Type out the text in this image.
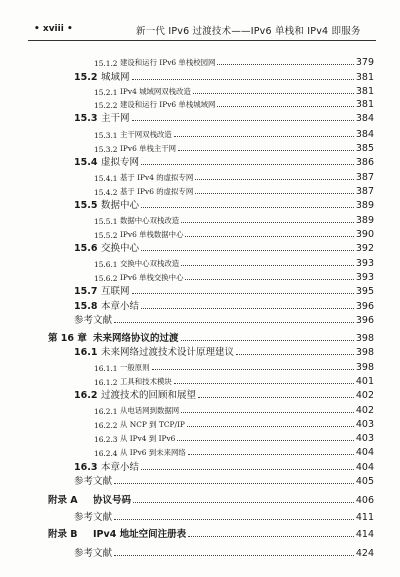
• xviii •	新一代 IPv6 过渡技术——IPv6 单栈和 IPv4 即服务
15.1.2 建设和运行 IPv6 单栈校园网	379
15.2 城域网	381
15.2.1 IPv4 城域网双栈改造	381
15.2.2 建设和运行 IPv6 单栈城域网	381
15.3 主干网	384
15.3.1 主干网双栈改造	384
15.3.2 IPv6 单栈主干网	385
15.4 虚拟专网	386
15.4.1 基于 IPv4 的虚拟专网	387
15.4.2 基于 IPv6 的虚拟专网	387
15.5 数据中心	389
15.5.1 数据中心双栈改造	389
15.5.2 IPv6 单栈数据中心	390
15.6 交换中心	392
15.6.1 交换中心双栈改造	393
15.6.2 IPv6 单栈交换中心	393
15.7 互联网	395
15.8 本章小结	396
参考文献	396
第 16 章 未来网络协议的过渡	398
16.1 未来网络过渡技术设计原理建议	398
16.1.1 一般原则	398
16.1.2 工具和技术模块	401
16.2 过渡技术的回顾和展望	402
16.2.1 从电话网到数据网	402
16.2.2 从 NCP 到 TCP/IP	403
16.2.3 从 IPv4 到 IPv6	403
16.2.4 从 IPv6 到未来网络	404
16.3 本章小结	404
参考文献	405
附录 A	协议号码	406
参考文献	411
附录 B	IPv4 地址空间注册表	414
参考文献	424
